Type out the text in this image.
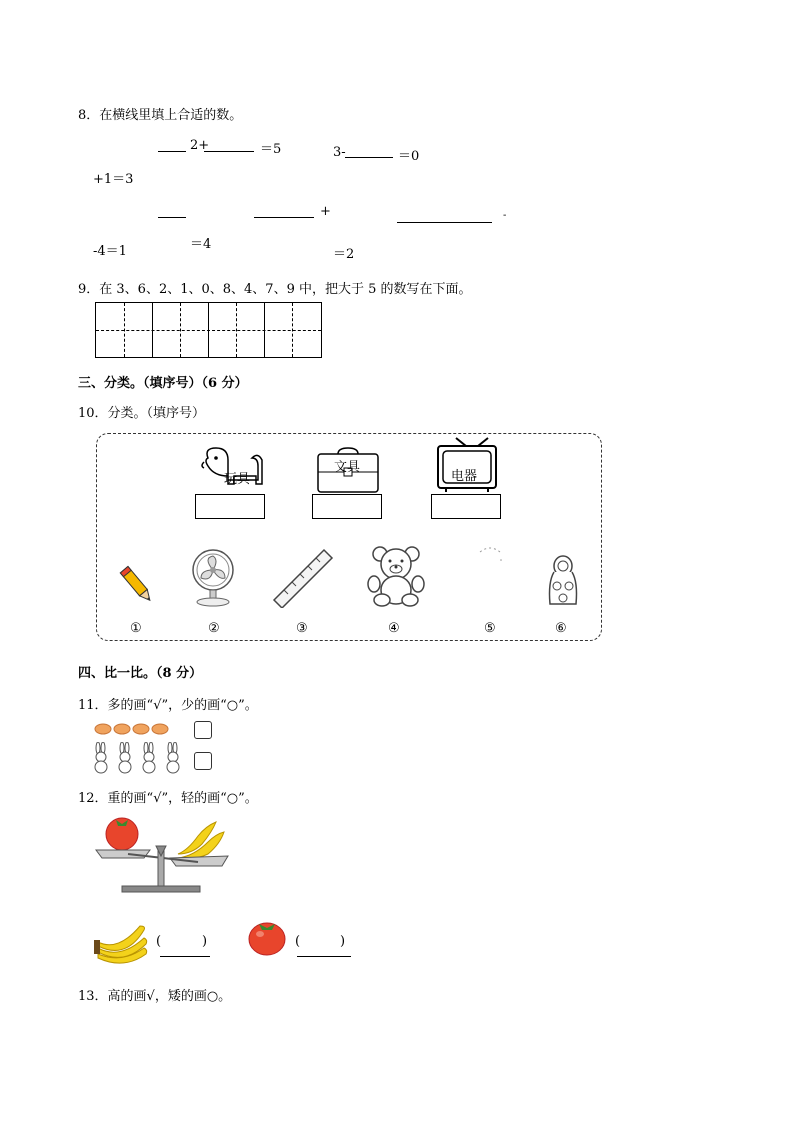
8．在横线里填上合适的数。
2+	＝5	3-	＝0
+1＝3
+	-
-4＝1	＝4
＝2
9．在 3、6、2、1、0、8、4、7、9 中，把大于 5 的数写在下面。
三、分类。（填序号）（6 分）
10．分类。（填序号）
玩具
文具
电器
①	②	③	④	⑤	⑥
四、比一比。（8 分）
11．多的画“√”，少的画“○”。
12．重的画“√”，轻的画“○”。
(	)	(	)
13．高的画√，矮的画○。
